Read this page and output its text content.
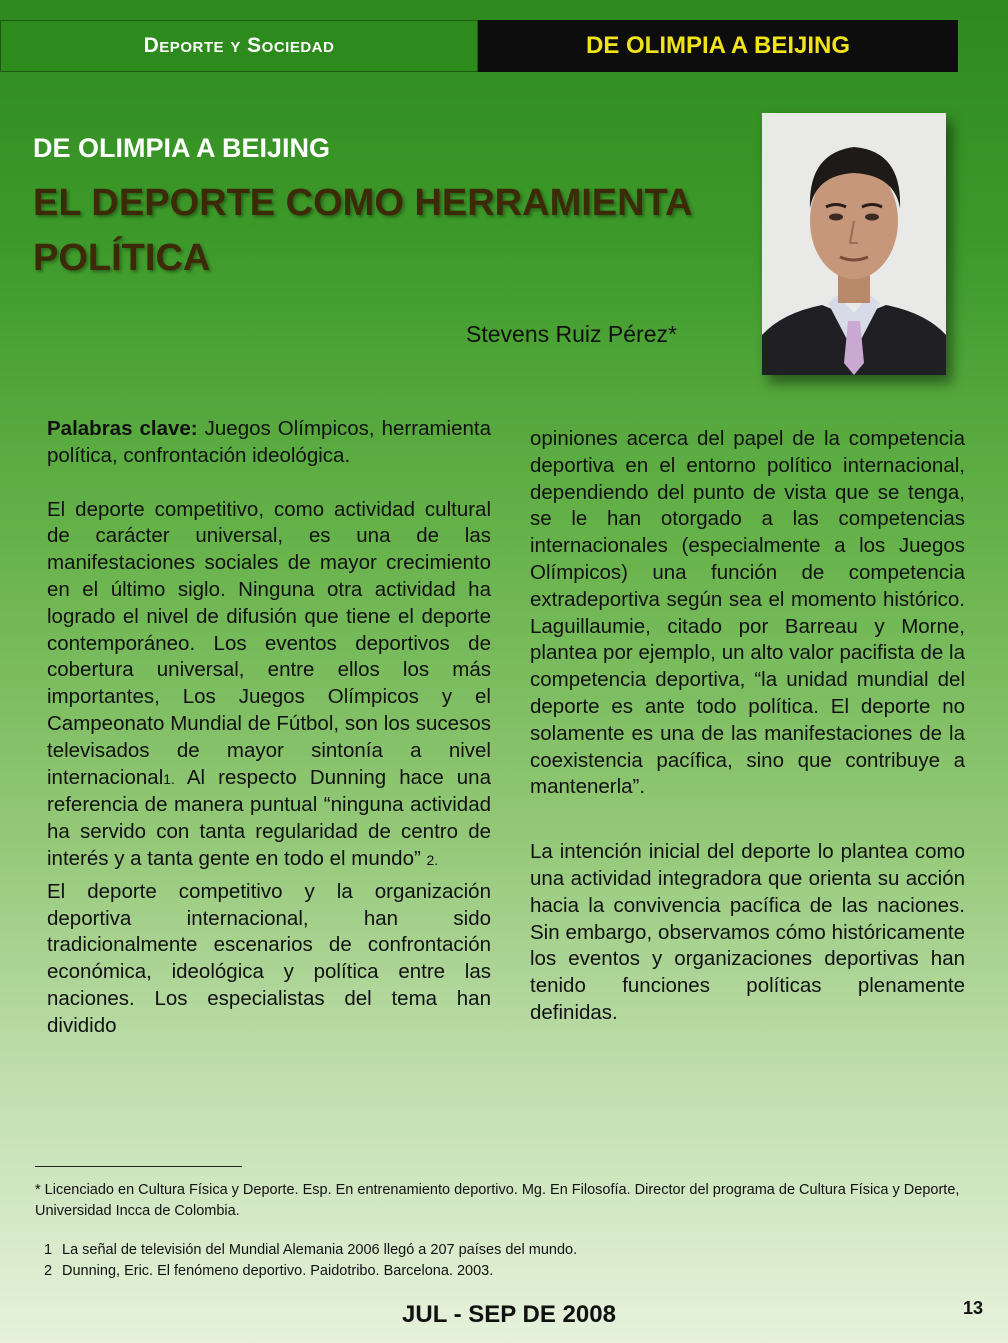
Deporte y Sociedad	DE OLIMPIA A BEIJING
DE OLIMPIA A BEIJING
EL DEPORTE COMO HERRAMIENTA POLÍTICA
Stevens Ruiz Pérez*

Palabras clave: Juegos Olímpicos, herramienta política, confrontación ideológica.

El deporte competitivo, como actividad cultural de carácter universal, es una de las manifestaciones sociales de mayor crecimiento en el último siglo. Ninguna otra actividad ha logrado el nivel de difusión que tiene el deporte contemporáneo. Los eventos deportivos de cobertura universal, entre ellos los más importantes, Los Juegos Olímpicos y el Campeonato Mundial de Fútbol, son los sucesos televisados de mayor sintonía a nivel internacional1. Al respecto Dunning hace una referencia de manera puntual “ninguna actividad ha servido con tanta regularidad de centro de interés y a tanta gente en todo el mundo” 2.

El deporte competitivo y la organización deportiva internacional, han sido tradicionalmente escenarios de confrontación económica, ideológica y política entre las naciones. Los especialistas del tema han dividido

opiniones acerca del papel de la competencia deportiva en el entorno político internacional, dependiendo del punto de vista que se tenga, se le han otorgado a las competencias internacionales (especialmente a los Juegos Olímpicos) una función de competencia extradeportiva según sea el momento histórico. Laguillaumie, citado por Barreau y Morne, plantea por ejemplo, un alto valor pacifista de la competencia deportiva, “la unidad mundial del deporte es ante todo política. El deporte no solamente es una de las manifestaciones de la coexistencia pacífica, sino que contribuye a mantenerla”.

La intención inicial del deporte lo plantea como una actividad integradora que orienta su acción hacia la convivencia pacífica de las naciones. Sin embargo, observamos cómo históricamente los eventos y organizaciones deportivas han tenido funciones políticas plenamente definidas.

* Licenciado en Cultura Física y Deporte. Esp. En entrenamiento deportivo. Mg. En Filosofía. Director del programa de Cultura Física y Deporte, Universidad Incca de Colombia.
1 La señal de televisión del Mundial Alemania 2006 llegó a 207 países del mundo.
2 Dunning, Eric. El fenómeno deportivo. Paidotribo. Barcelona. 2003.
JUL - SEP DE 2008	13
